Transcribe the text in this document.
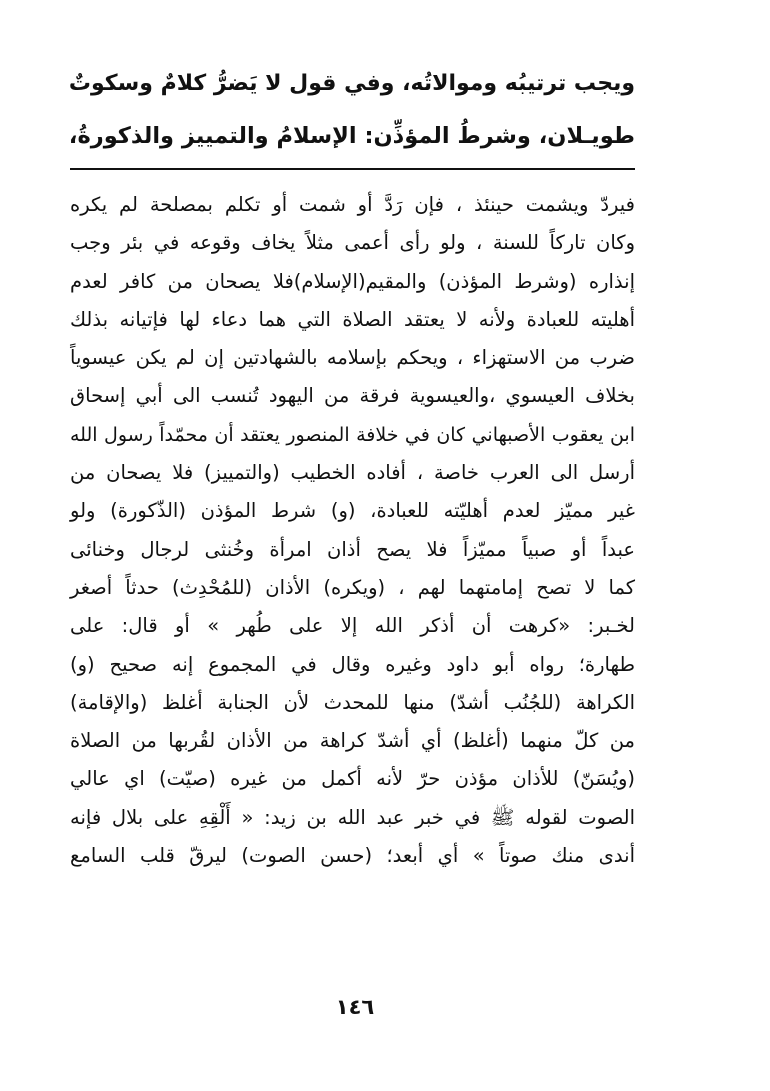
ويجب ترتيبُه وموالاتُه، وفي قول لا يَضرُّ كلامٌ وسكوتٌ
طويـلان، وشرطُ المؤذِّن: الإسلامُ والتمييز والذكورةُ،
فيردّ ويشمت حينئذ ، فإن رَدَّ أو شمت أو تكلم بمصلحة لم يكره
وكان تاركاً للسنة ، ولو رأى أعمى مثلاً يخاف وقوعه في بئر وجب
إنذاره (وشرط المؤذن) والمقيم(الإسلام)فلا يصحان من كافر لعدم
أهليته للعبادة ولأنه لا يعتقد الصلاة التي هما دعاء لها فإتيانه بذلك
ضرب من الاستهزاء ، ويحكم بإسلامه بالشهادتين إن لم يكن عيسوياً
بخلاف العيسوي ،والعيسوية فرقة من اليهود تُنسب الى أبي إسحاق
ابن يعقوب الأصبهاني كان في خلافة المنصور يعتقد أن محمّداً رسول الله
أرسل الى العرب خاصة ، أفاده الخطيب (والتمييز) فلا يصحان من
غير مميّز لعدم أهليّته للعبادة، (و) شرط المؤذن (الذّكورة) ولو
عبداً أو صبياً مميّزاً فلا يصح أذان امرأة وخُنثى لرجال وخنائى
كما لا تصح إمامتهما لهم ، (ويكره) الأذان (للمُحْدِث) حدثاً أصغر
لخـبر: «كرهت أن أذكر الله إلا على طُهر » أو قال: على
طهارة؛ رواه أبو داود وغيره وقال في المجموع إنه صحيح (و)
الكراهة (للجُنُب أشدّ) منها للمحدث لأن الجنابة أغلظ (والإقامة)
من كلّ منهما (أغلظ) أي أشدّ كراهة من الأذان لقُربها من الصلاة
(ويُسَنّ) للأذان مؤذن حرّ لأنه أكمل من غيره (صيّت) اي عالي
الصوت لقوله ﷺ في خبر عبد الله بن زيد: « أَلْقِهِ على بلال فإنه
أندى منك صوتاً » أي أبعد؛ (حسن الصوت) ليرقّ قلب السامع
١٤٦
